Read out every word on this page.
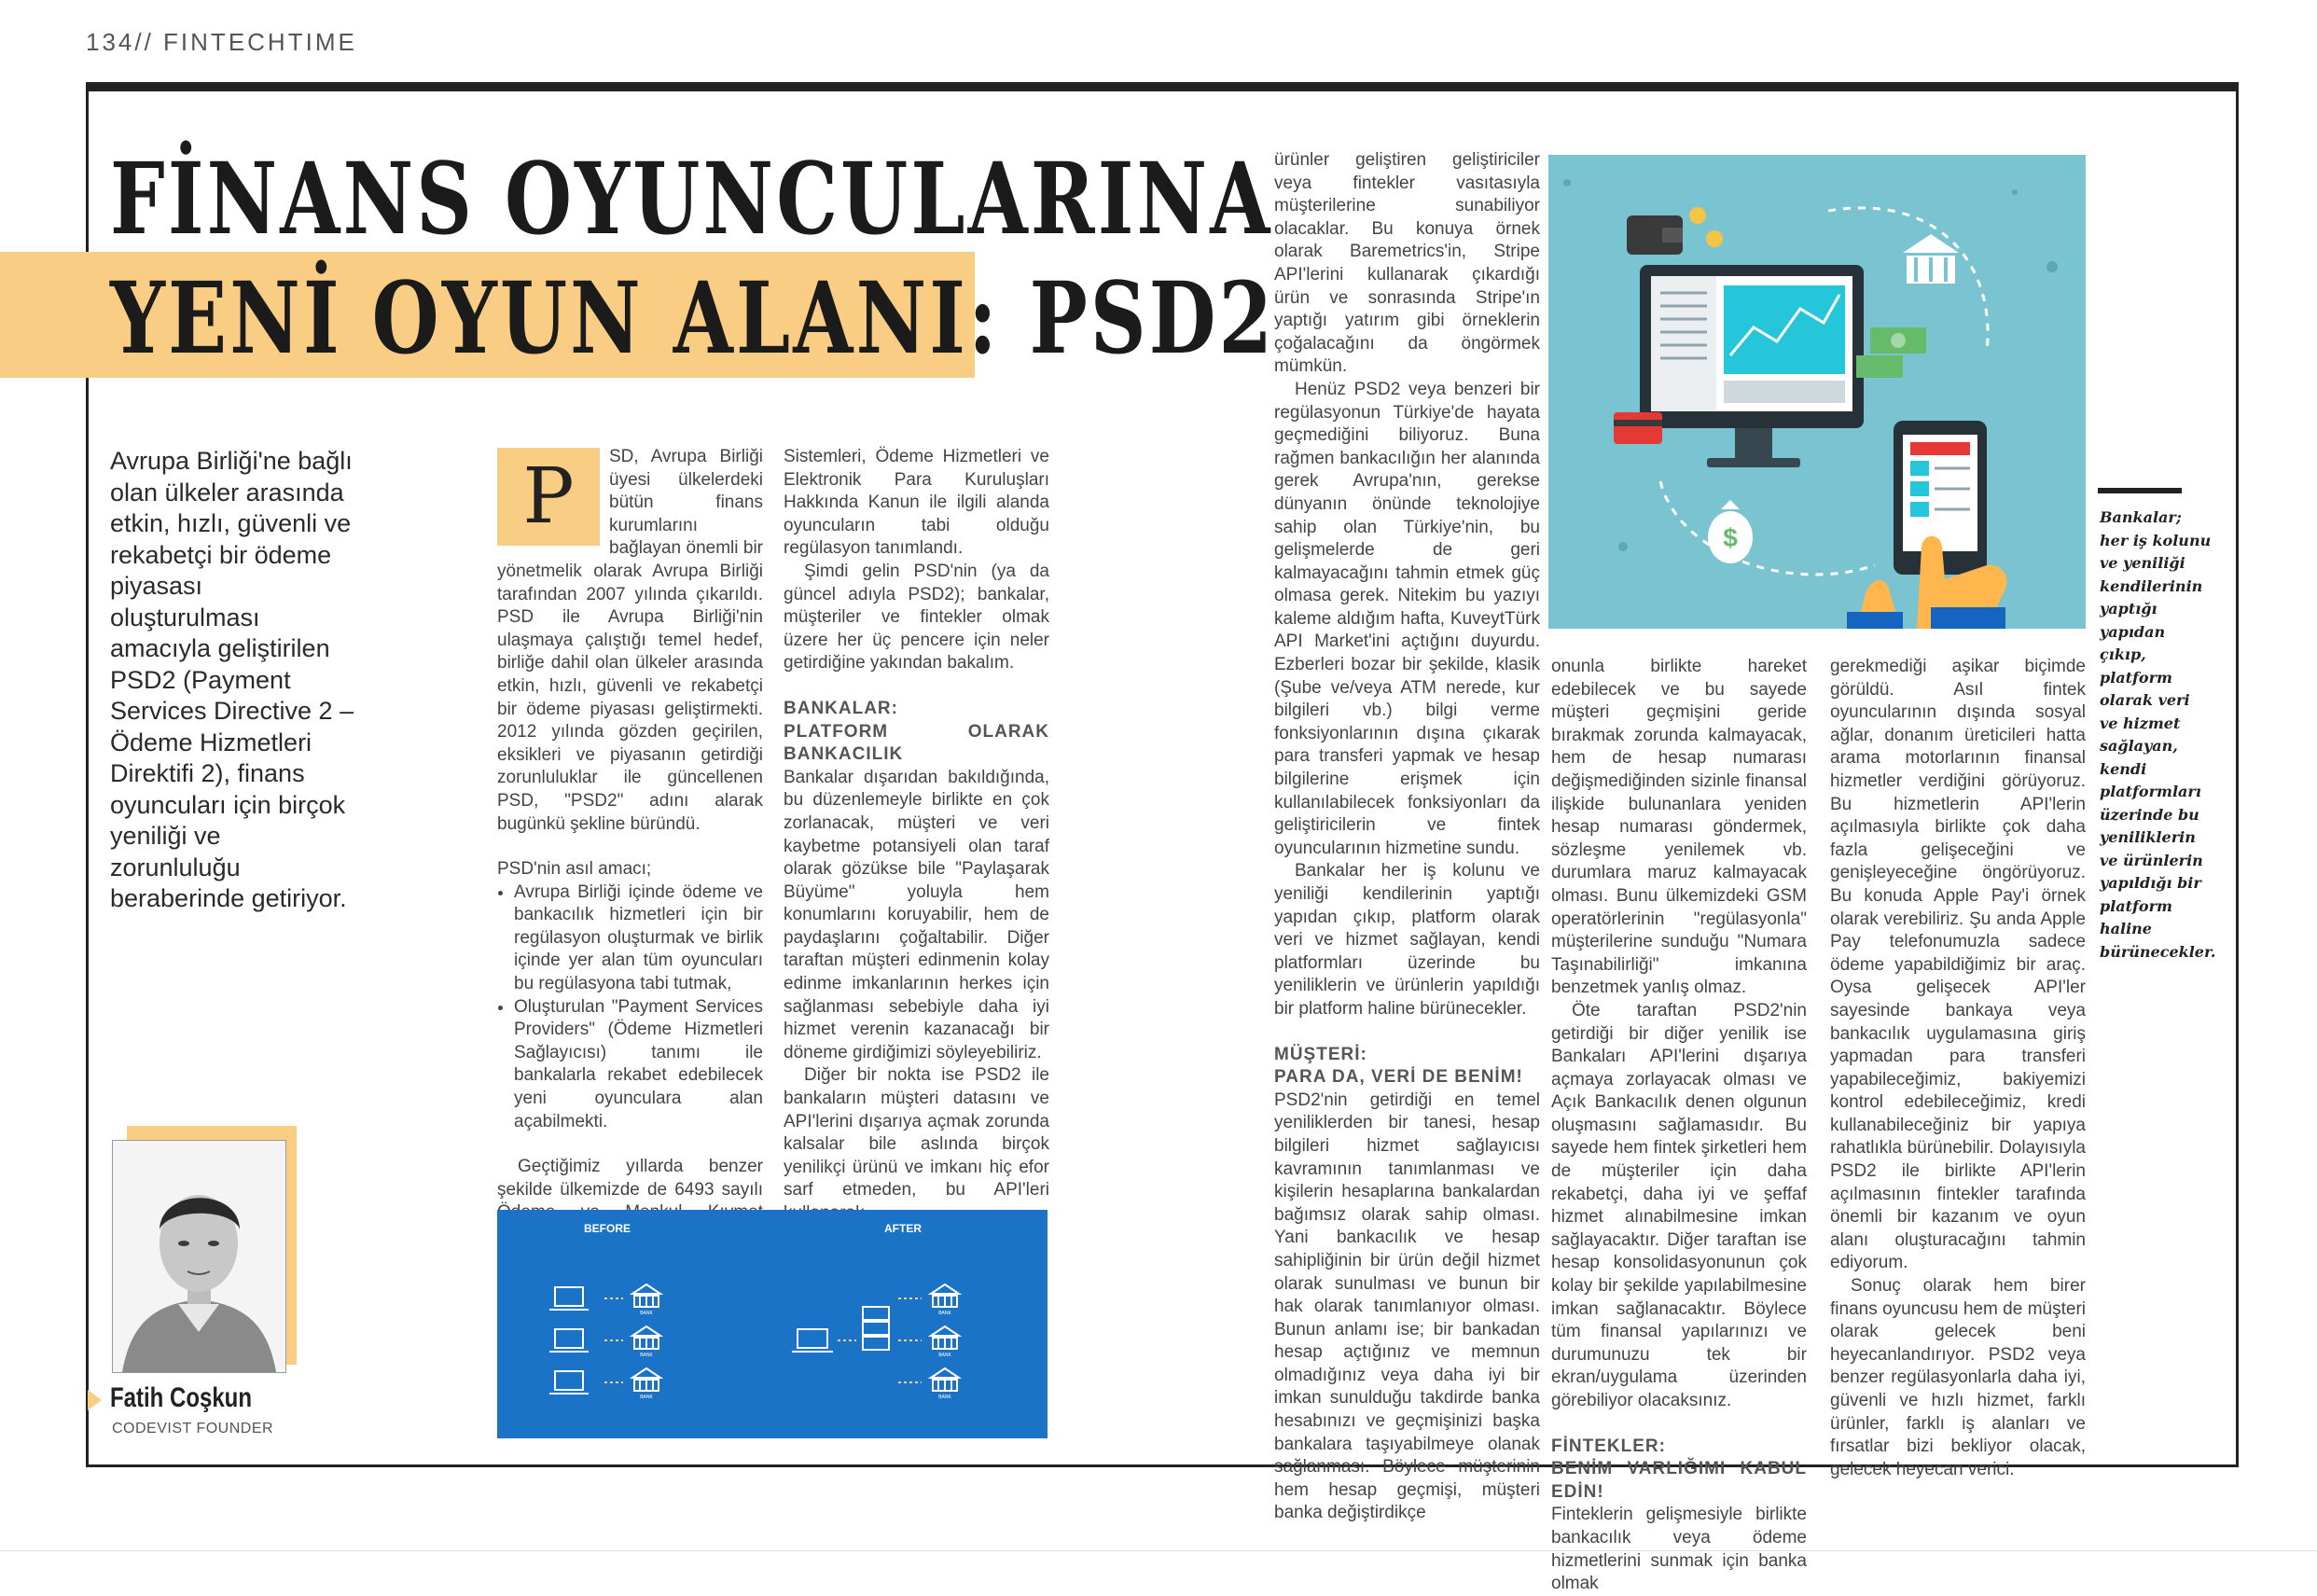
134// FINTECHTIME
FİNANS OYUNCULARINA
YENİ OYUN ALANI: PSD2
Avrupa Birliği'ne bağlı olan ülkeler arasında etkin, hızlı, güvenli ve rekabetçi bir ödeme piyasası oluşturulması amacıyla geliştirilen PSD2 (Payment Services Directive 2 – Ödeme Hizmetleri Direktifi 2), finans oyuncuları için birçok yeniliği ve zorunluluğu beraberinde getiriyor.
Fatih Coşkun
CODEVIST FOUNDER
P	SD, Avrupa Birliği üyesi ülkelerdeki bütün finans kurumlarını bağlayan önemli bir yönetmelik olarak Avrupa Birliği tarafından 2007 yılında çıkarıldı. PSD ile Avrupa Birliği'nin ulaşmaya çalıştığı temel hedef, birliğe dahil olan ülkeler arasında etkin, hızlı, güvenli ve rekabetçi bir ödeme piyasası geliştirmekti. 2012 yılında gözden geçirilen, eksikleri ve piyasanın getirdiği zorunluluklar ile güncellenen PSD, "PSD2" adını alarak bugünkü şekline büründü.

PSD'nin asıl amacı;

• Avrupa Birliği içinde ödeme ve bankacılık hizmetleri için bir regülasyon oluşturmak ve birlik içinde yer alan tüm oyuncuları bu regülasyona tabi tutmak,
• Oluşturulan "Payment Services Providers" (Ödeme Hizmetleri Sağlayıcısı) tanımı ile bankalarla rekabet edebilecek yeni oyunculara alan açabilmekti.

Geçtiğimiz yıllarda benzer şekilde ülkemizde de 6493 sayılı

Sistemleri, Ödeme Hizmetleri ve Elektronik Para Kuruluşları Hakkında Kanun ile ilgili alanda oyuncuların tabi olduğu regülasyon tanımlandı.

Şimdi gelin PSD'nin (ya da güncel adıyla PSD2); bankalar, müşteriler ve fintekler olmak üzere her üç pencere için neler getirdiğine yakından bakalım.

BANKALAR:
PLATFORM OLARAK BANKACILIK

Bankalar dışarıdan bakıldığında, bu düzenlemeyle birlikte en çok zorlanacak, müşteri ve veri kaybetme potansiyeli olan taraf olarak gözükse bile "Paylaşarak Büyüme" yoluyla hem konumlarını koruyabilir, hem de paydaşlarını çoğaltabilir. Diğer taraftan müşteri edinmenin kolay edinme imkanlarının herkes için sağlanması sebebiyle daha iyi hizmet verenin kazanacağı bir döneme girdiğimizi söyleyebiliriz.

Diğer bir nokta ise PSD2 ile bankaların müşteri datasını ve API'lerini dışarıya açmak zorunda kalsalar bile aslında birçok yenilikçi ürünü ve imkanı hiç efor sarf etmeden, bu API'leri

BEFORE	AFTER
BANK
BANK
BANK
BANK
BANK
BANK

ürünler geliştiren geliştiriciler veya fintekler vasıtasıyla müşterilerine sunabiliyor olacaklar. Bu konuya örnek olarak Baremetrics'in, Stripe API'lerini kullanarak çıkardığı ürün ve sonrasında Stripe'ın yaptığı yatırım gibi örneklerin çoğalacağını da öngörmek mümkün.

Henüz PSD2 veya benzeri bir regülasyonun Türkiye'de hayata geçmediğini biliyoruz. Buna rağmen bankacılığın her alanında gerek Avrupa'nın, gerekse dünyanın önünde teknolojiye sahip olan Türkiye'nin, bu gelişmelerde de geri kalmayacağını tahmin etmek güç olmasa gerek. Nitekim bu yazıyı kaleme aldığım hafta, KuveytTürk API Market'ini açtığını duyurdu. Ezberleri bozar bir şekilde, klasik (Şube ve/veya ATM nerede, kur bilgileri vb.) bilgi verme fonksiyonlarının dışına çıkarak para transferi yapmak ve hesap bilgilerine erişmek için kullanılabilecek fonksiyonları da geliştiricilerin ve fintek oyuncularının hizmetine sundu.

Bankalar her iş kolunu ve yeniliği kendilerinin yaptığı yapıdan çıkıp, platform olarak veri ve hizmet sağlayan, kendi platformları üzerinde bu yeniliklerin ve ürünlerin yapıldığı bir platform haline bürünecekler.

MÜŞTERİ:
PARA DA, VERİ DE BENİM!

PSD2'nin getirdiği en temel yeniliklerden bir tanesi, hesap bilgileri hizmet sağlayıcısı kavramının tanımlanması ve kişilerin hesaplarına bankalardan bağımsız olarak sahip olması. Yani bankacılık ve hesap sahipliğinin bir ürün değil hizmet olarak sunulması ve bunun bir hak olarak tanımlanıyor olması. Bunun anlamı ise; bir bankadan hesap açtığınız ve memnun olmadığınız veya daha iyi bir imkan sunulduğu takdirde banka hesabınızı ve geçmişinizi başka bankalara taşıyabilmeye olanak sağlanması. Böylece müşterinin hem hesap geçmişi, müşteri banka değiştirdikçe

$

onunla birlikte hareket edebilecek ve bu sayede müşteri geçmişini geride bırakmak zorunda kalmayacak, hem de hesap numarası değişmediğinden sizinle finansal ilişkide bulunanlara yeniden hesap numarası göndermek, sözleşme yenilemek vb. durumlara maruz kalmayacak olması. Bunu ülkemizdeki GSM operatörlerinin "regülasyonla" müşterilerine sunduğu "Numara Taşınabilirliği" imkanına benzetmek yanlış olmaz.

Öte taraftan PSD2'nin getirdiği bir diğer yenilik ise Bankaları API'lerini dışarıya açmaya zorlayacak olması ve Açık Bankacılık denen olgunun oluşmasını sağlamasıdır. Bu sayede hem fintek şirketleri hem de müşteriler için daha rekabetçi, daha iyi ve şeffaf hizmet alınabilmesine imkan sağlayacaktır. Diğer taraftan ise hesap konsolidasyonunun çok kolay bir şekilde yapılabilmesine imkan sağlanacaktır. Böylece tüm finansal yapılarınızı ve durumunuzu tek bir ekran/uygulama üzerinden görebiliyor olacaksınız.

FİNTEKLER:
BENİM VARLIĞIMI KABUL EDİN!

Finteklerin gelişmesiyle birlikte bankacılık veya ödeme hizmetlerini sunmak için banka olmak

gerekmediği aşikar biçimde görüldü. Asıl fintek oyuncularının dışında sosyal ağlar, donanım üreticileri hatta arama motorlarının finansal hizmetler verdiğini görüyoruz. Bu hizmetlerin API'lerin açılmasıyla birlikte çok daha fazla gelişeceğini ve genişleyeceğine öngörüyoruz. Bu konuda Apple Pay'i örnek olarak verebiliriz. Şu anda Apple Pay telefonumuzla sadece ödeme yapabildiğimiz bir araç. Oysa gelişecek API'ler sayesinde bankaya veya bankacılık uygulamasına giriş yapmadan para transferi yapabileceğimiz, bakiyemizi kontrol edebileceğimiz, kredi kullanabileceğiniz bir yapıya rahatlıkla bürünebilir. Dolayısıyla PSD2 ile birlikte API'lerin açılmasının fintekler tarafında önemli bir kazanım ve oyun alanı oluşturacağını tahmin ediyorum.

Sonuç olarak hem birer finans oyuncusu hem de müşteri olarak gelecek beni heyecanlandırıyor. PSD2 veya benzer regülasyonlarla daha iyi, güvenli ve hızlı hizmet, farklı ürünler, farklı iş alanları ve fırsatlar bizi bekliyor olacak, gelecek heyecan verici.

Bankalar; her iş kolunu ve yeniliği kendilerinin yaptığı yapıdan çıkıp, platform olarak veri ve hizmet sağlayan, kendi platformları üzerinde bu yeniliklerin ve ürünlerin yapıldığı bir platform haline bürünecekler.
